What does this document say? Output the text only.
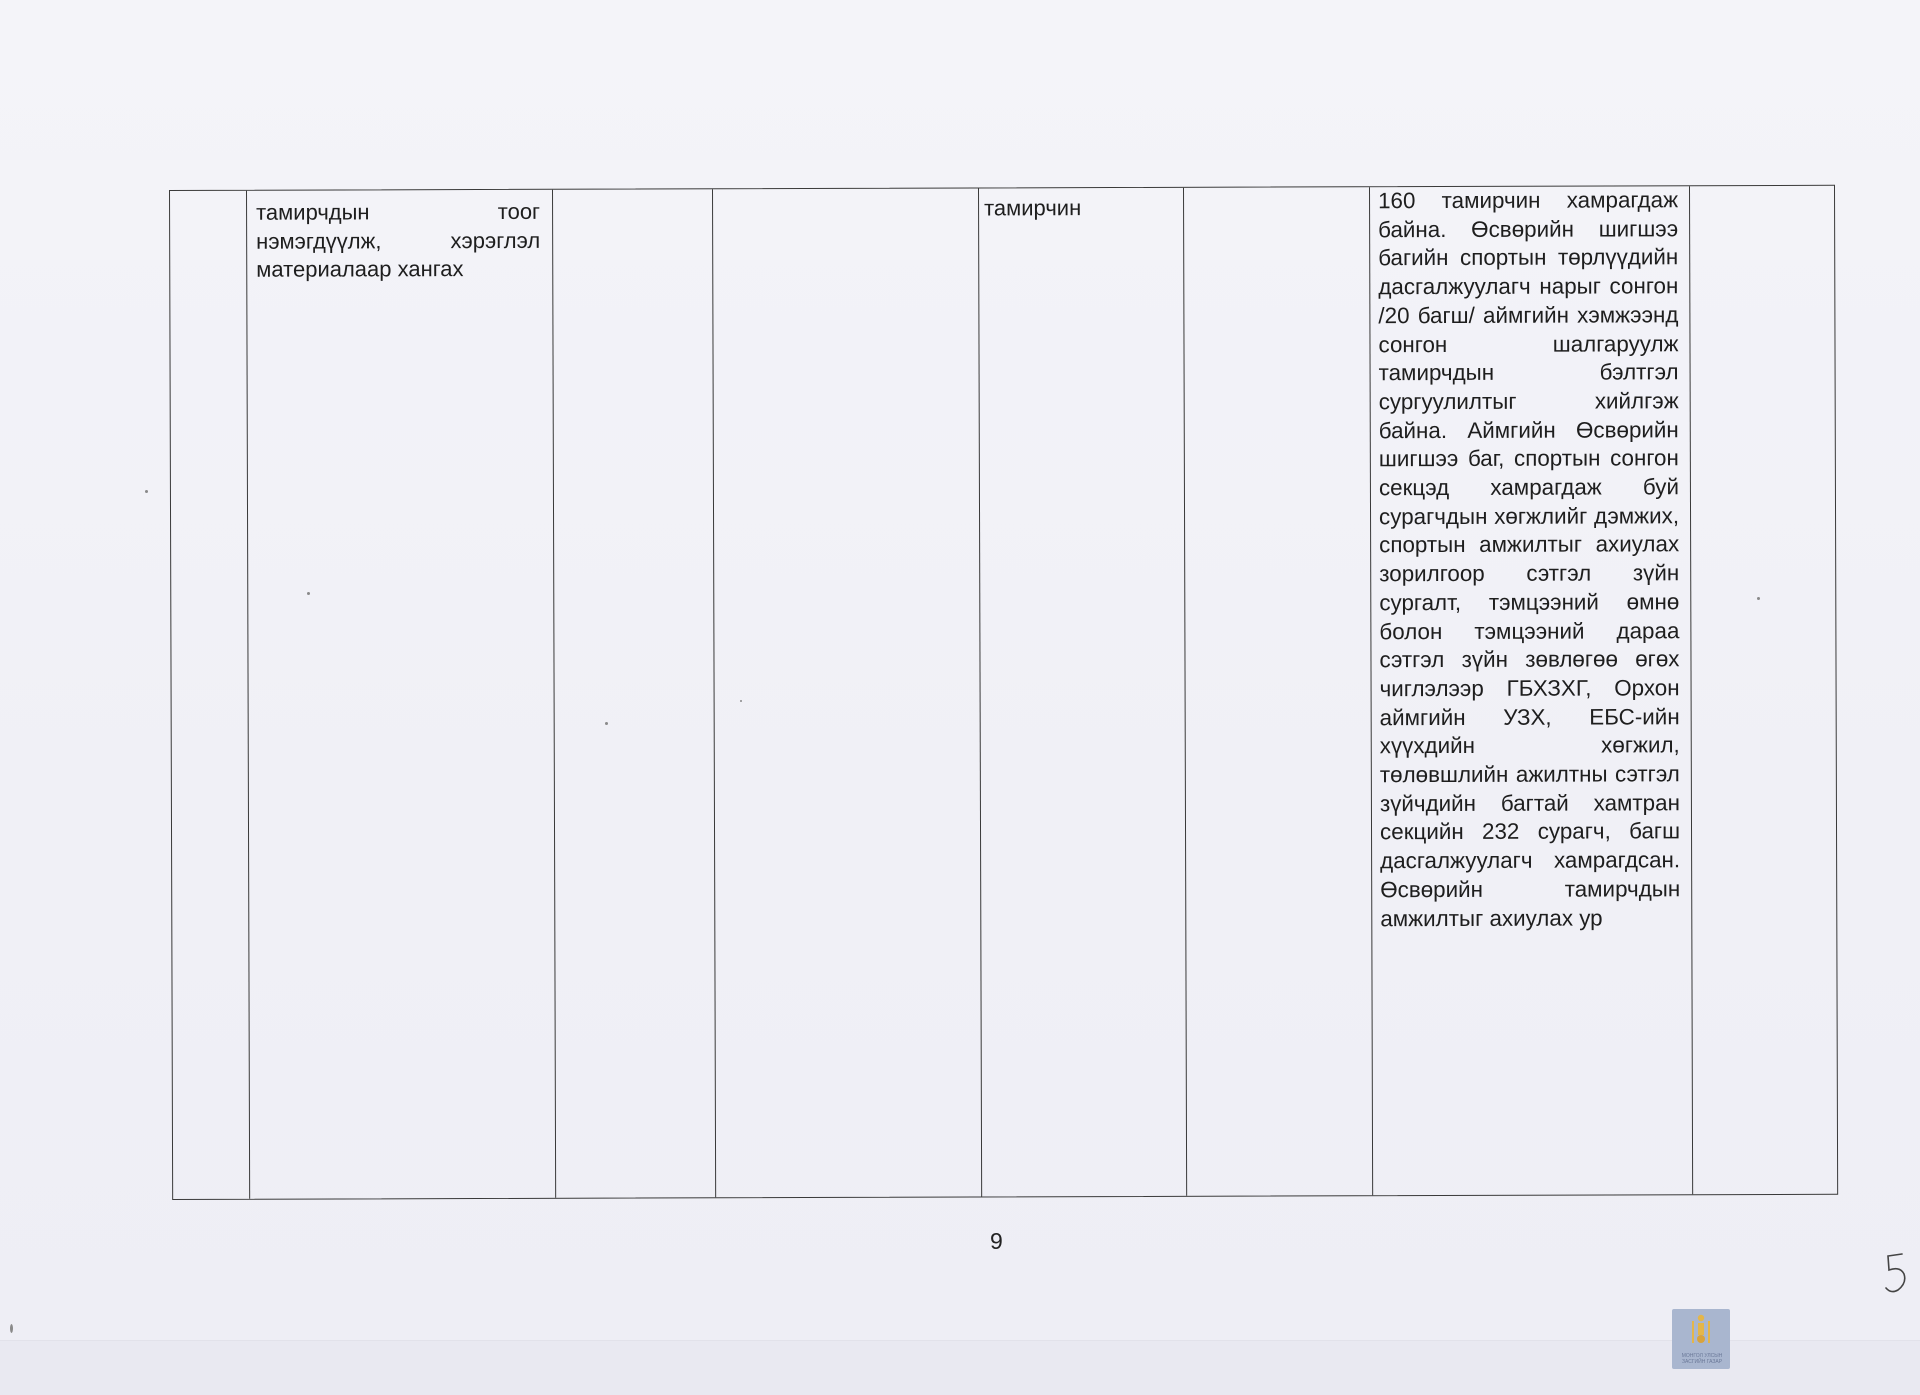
тамирчдын тоог нэмэгдүүлж, хэрэглэл материалаар хангах
тамирчин	160 тамирчин хамрагдаж байна. Өсвөрийн шигшээ багийн спортын төрлүүдийн дасгалжуулагч нарыг сонгон /20 багш/ аймгийн хэмжээнд сонгон шалгаруулж тамирчдын бэлтгэл сургуулилтыг хийлгэж байна. Аймгийн Өсвөрийн шигшээ баг, спортын сонгон секцэд хамрагдаж буй сурагчдын хөгжлийг дэмжих, спортын амжилтыг ахиулах зорилгоор сэтгэл зүйн сургалт, тэмцээний өмнө болон тэмцээний дараа сэтгэл зүйн зөвлөгөө өгөх чиглэлээр ГБХЗХГ, Орхон аймгийн УЗХ, ЕБС-ийн хүүхдийн хөгжил, төлөвшлийн ажилтны сэтгэл зүйчдийн багтай хамтран секцийн 232 сурагч, багш дасгалжуулагч хамрагдсан. Өсвөрийн тамирчдын амжилтыг ахиулах ур
9
МОНГОЛ УЛСЫН ЗАСГИЙН ГАЗАР
